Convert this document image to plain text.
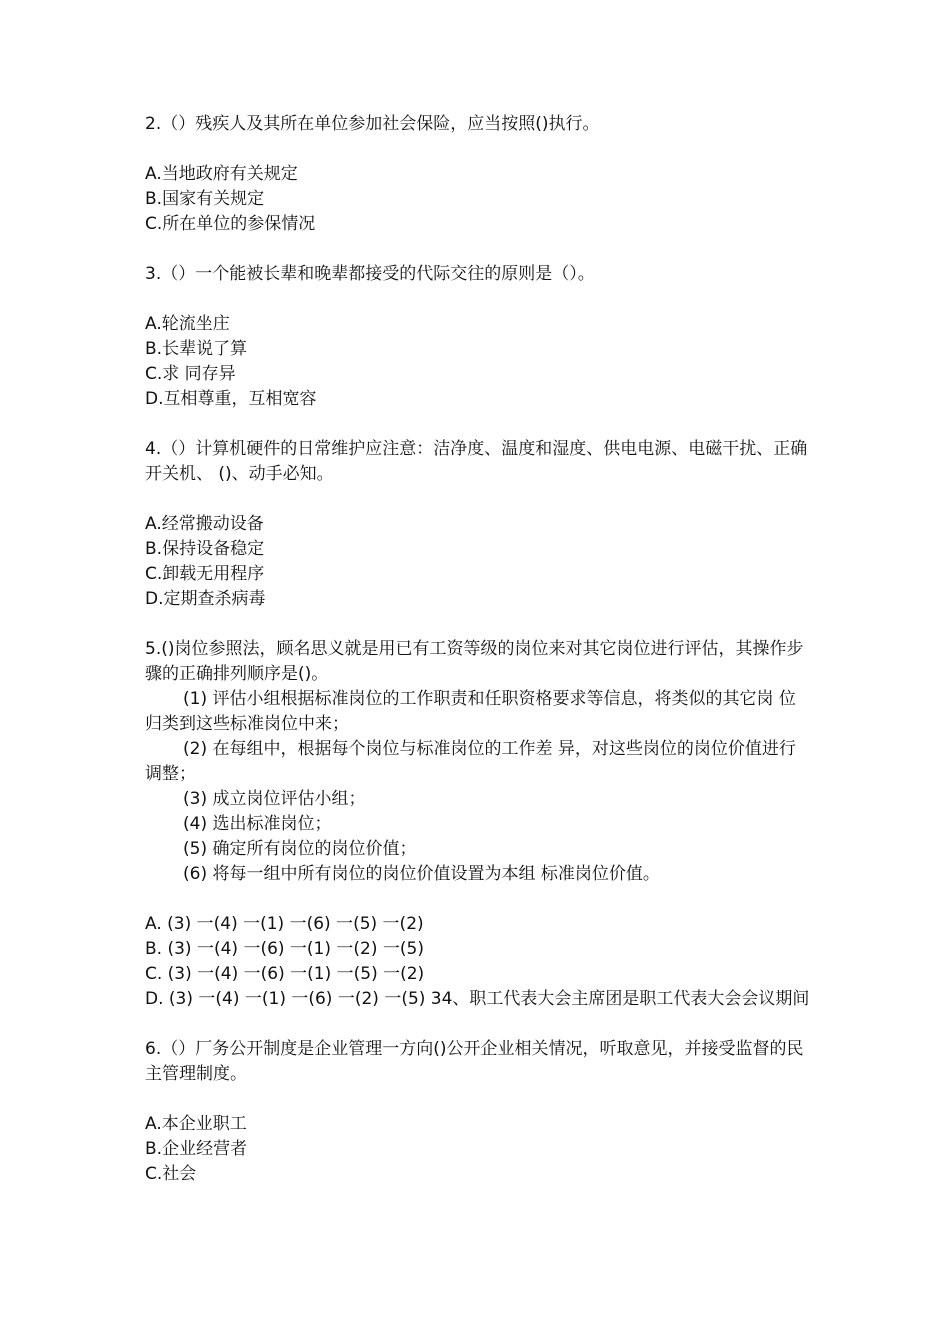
2.（）残疾人及其所在单位参加社会保险，应当按照()执行。

A.当地政府有关规定

B.国家有关规定

C.所在单位的参保情况

3.（）一个能被长辈和晚辈都接受的代际交往的原则是（）。

A.轮流坐庄

B.长辈说了算

C.求 同存异

D.互相尊重，互相宽容

4.（）计算机硬件的日常维护应注意：洁净度、温度和湿度、供电电源、电磁干扰、正确开关机、 ()、动手必知。

A.经常搬动设备

B.保持设备稳定

C.卸载无用程序

D.定期查杀病毒

5.()岗位参照法，顾名思义就是用已有工资等级的岗位来对其它岗位进行评估，其操作步骤的正确排列顺序是()。

(1) 评估小组根据标准岗位的工作职责和任职资格要求等信息，将类似的其它岗 位归类到这些标准岗位中来；

(2) 在每组中，根据每个岗位与标准岗位的工作差 异，对这些岗位的岗位价值进行调整；

(3) 成立岗位评估小组；

(4) 选出标准岗位；

(5) 确定所有岗位的岗位价值；

(6) 将每一组中所有岗位的岗位价值设置为本组 标准岗位价值。

A. (3) 一(4) 一(1) 一(6) 一(5) 一(2)

B. (3) 一(4) 一(6) 一(1) 一(2) 一(5)

C. (3) 一(4) 一(6) 一(1) 一(5) 一(2)

D. (3) 一(4) 一(1) 一(6) 一(2) 一(5) 34、职工代表大会主席团是职工代表大会会议期间

6.（）厂务公开制度是企业管理一方向()公开企业相关情况，听取意见，并接受监督的民主管理制度。

A.本企业职工

B.企业经营者

C.社会
